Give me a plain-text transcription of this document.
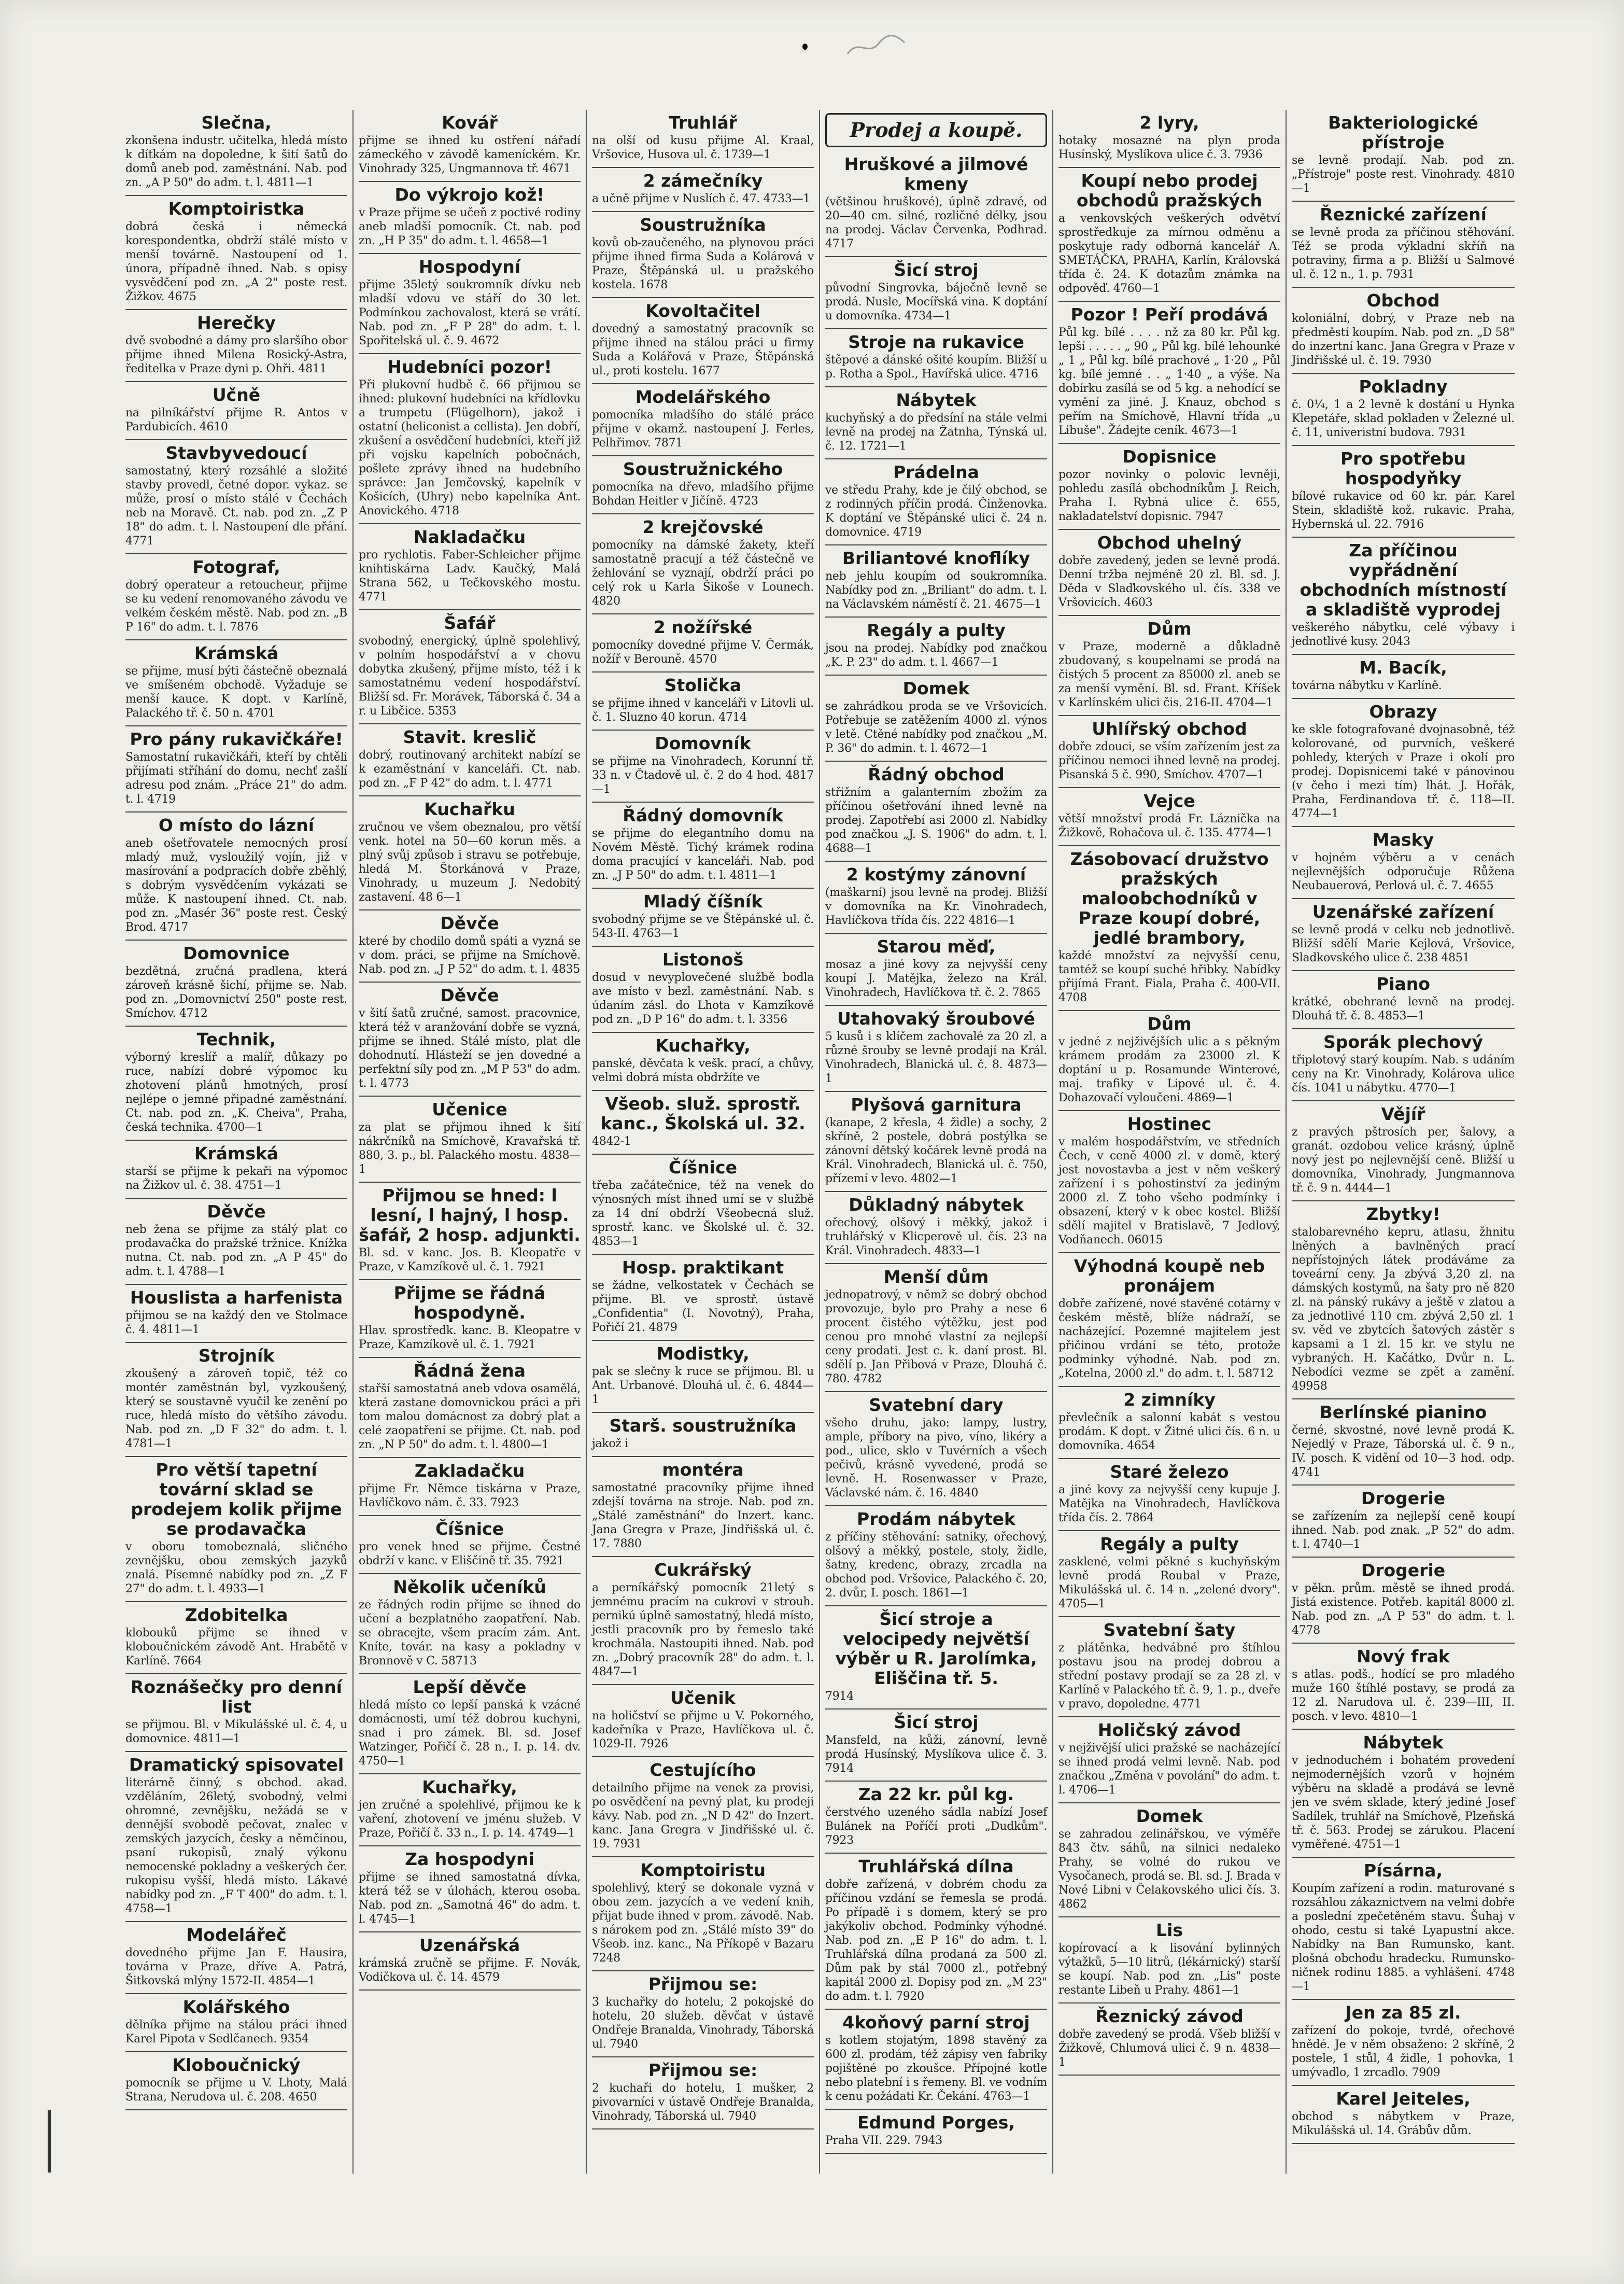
Slečna,

zkonšena industr. učitelka, hledá místo k dítkám na dopoledne, k šití šatů do domů aneb pod. zaměstnání. Nab. pod zn. „A P 50" do adm. t. l. 4811—1

Komptoiristka

dobrá česká i německá korespondentka, obdrží stálé místo v menší továrně. Nastoupení od 1. února, případně ihned. Nab. s opisy vysvědčení pod zn. „A 2" poste rest. Žižkov. 4675

Herečky

dvě svobodné a dámy pro slaršího obor přijme ihned Milena Rosický-Astra, ředitelka v Praze dyni p. Ohři. 4811

Učně

na pilníkářství přijme R. Antos v Pardubicích. 4610

Stavbyvedoucí

samostatný, který rozsáhlé a složité stavby provedl, četné dopor. vykaz. se může, prosí o místo stálé v Čechách neb na Moravě. Ct. nab. pod zn. „Z P 18" do adm. t. l. Nastoupení dle přání. 4771

Fotograf,

dobrý operateur a retoucheur, přijme se ku vedení renomovaného závodu ve velkém českém městě. Nab. pod zn. „B P 16" do adm. t. l. 7876

Krámská

se přijme, musí býti částečně obeznalá ve smíšeném obchodě. Vyžaduje se menší kauce. K dopt. v Karlíně, Palackého tř. č. 50 n. 4701

Pro pány rukavičkáře!

Samostatní rukavičkáři, kteří by chtěli přijímati stříhání do domu, nechť zašlí adresu pod znám. „Práce 21" do adm. t. l. 4719

O místo do lázní

aneb ošetřovatele nemocných prosí mladý muž, vysloužilý vojín, již v masírování a podpracích dobře zběhlý, s dobrým vysvědčením vykázati se může. K nastoupení ihned. Ct. nab. pod zn. „Masér 36" poste rest. Český Brod. 4717

Domovnice

bezdětná, zručná pradlena, která zároveň krásně šichí, přijme se. Nab. pod zn. „Domovnictví 250" poste rest. Smíchov. 4712

Technik,

výborný kreslíř a malíř, důkazy po ruce, nabízí dobré výpomoc ku zhotovení plánů hmotných, prosí nejlépe o jemné připadné zaměstnání. Ct. nab. pod zn. „K. Cheiva", Praha, česká technika. 4700—1

Krámská

starší se přijme k pekaři na výpomoc na Žižkov ul. č. 38. 4751—1

Děvče

neb žena se přijme za stálý plat co prodavačka do pražské tržnice. Knížka nutna. Ct. nab. pod zn. „A P 45" do adm. t. l. 4788—1

Houslista a harfenista

přijmou se na každý den ve Stolmace č. 4. 4811—1

Strojník

zkoušený a zároveň topič, též co montér zaměstnán byl, vyzkoušený, který se soustavně vyučil ke zenění po ruce, hledá místo do většího závodu. Nab. pod zn. „D F 32" do adm. t. l. 4781—1

Pro větší tapetní tovární sklad se prodejem kolik přijme se prodavačka

v oboru tomobeznalá, sličného zevnějšku, obou zemských jazyků znalá. Písemné nabídky pod zn. „Z F 27" do adm. t. l. 4933—1

Zdobitelka

klobouků přijme se ihned v kloboučnickém závodě Ant. Hrabětě v Karlíně. 7664

Roznášečky pro denní list

se přijmou. Bl. v Mikulášské ul. č. 4, u domovnice. 4811—1

Dramatický spisovatel

literárně činný, s obchod. akad. vzděláním, 26letý, svobodný, velmi ohromné, zevnějšku, nežádá se v dennější svobodě pečovat, znalec v zemských jazycích, česky a němčinou, psaní rukopisů, znalý výkonu nemocenské pokladny a veškerých čer. rukopisu vyšší, hledá místo. Lákavé nabídky pod zn. „F T 400" do adm. t. l. 4758—1

Modelářeč

dovedného přijme Jan F. Hausira, továrna v Praze, dříve A. Patrá, Šitkovská mlýny 1572-II. 4854—1

Kolářského

dělníka přijme na stálou práci ihned Karel Pipota v Sedlčanech. 9354

Kloboučnický

pomocník se přijme u V. Lhoty, Malá Strana, Nerudova ul. č. 208. 4650

Kovář

přijme se ihned ku ostření nářadí zámeckého v závodě kameníckém. Kr. Vinohrady 325, Ungmannova tř. 4671

Do výkrojo kož!

v Praze přijme se učeň z poctivé rodiny aneb mladší pomocník. Ct. nab. pod zn. „H P 35" do adm. t. l. 4658—1

Hospodyní

přijme 35letý soukromník dívku neb mladší vdovu ve stáří do 30 let. Podmínkou zachovalost, která se vrátí. Nab. pod zn. „F P 28" do adm. t. l. Spořitelská ul. č. 9. 4672

Hudebníci pozor!

Při plukovní hudbě č. 66 přijmou se ihned: plukovní hudebníci na křídlovku a trumpetu (Flügelhorn), jakož i ostatní (heliconist a cellista). Jen dobří, zkušení a osvědčení hudebníci, kteří již při vojsku kapelních pobočnách, pošlete zprávy ihned na hudebního správce: Jan Jemčovský, kapelník v Košicích, (Uhry) nebo kapelníka Ant. Anovického. 4718

Nakladačku

pro rychlotis. Faber-Schleicher přijme knihtiskárna Ladv. Kaučký, Malá Strana 562, u Tečkovského mostu. 4771

Šafář

svobodný, energický, úplně spolehlivý, v polním hospodářství a v chovu dobytka zkušený, přijme místo, též i k samostatnému vedení hospodářství. Bližší sd. Fr. Morávek, Táborská č. 34 a r. u Libčice. 5353

Stavit. kreslič

dobrý, routinovaný architekt nabízí se k ezaměstnání v kanceláři. Ct. nab. pod zn. „F P 42" do adm. t. l. 4771

Kuchařku

zručnou ve všem obeznalou, pro větší venk. hotel na 50—60 korun měs. a plný svůj způsob i stravu se potřebuje, hledá M. Štorkánová v Praze, Vinohrady, u muzeum J. Nedobitý zastavení. 48 6—1

Děvče

které by chodilo domů spáti a vyzná se v dom. práci, se přijme na Smíchově. Nab. pod zn. „J P 52" do adm. t. l. 4835

Děvče

v šití šatů zručné, samost. pracovnice, která též v aranžování dobře se vyzná, přijme se ihned. Stálé místo, plat dle dohodnutí. Hlásteží se jen dovedné a perfektní síly pod zn. „M P 53" do adm. t. l. 4773

Učenice

za plat se přijmou ihned k šití nákrčníků na Smíchově, Kravařská tř. 880, 3. p., bl. Palackého mostu. 4838—1

Přijmou se hned: l lesní, l hajný, l hosp. šafář, 2 hosp. adjunkti.

Bl. sd. v kanc. Jos. B. Kleopatře v Praze, v Kamzíkově ul. č. 1. 7921

Přijme se řádná hospodyně.

Hlav. sprostředk. kanc. B. Kleopatre v Praze, Kamzíkově ul. č. 1. 7921

Řádná žena

stařší samostatná aneb vdova osamělá, která zastane domovnickou práci a při tom malou domácnost za dobrý plat a celé zaopatření se přijme. Ct. nab. pod zn. „N P 50" do adm. t. l. 4800—1

Zakladačku

přijme Fr. Němce tiskárna v Praze, Havlíčkovo nám. č. 33. 7923

Číšnice

pro venek hned se přijme. Čestné obdrží v kanc. v Eliščině tř. 35. 7921

Několik učeníků

ze řádných rodin přijme se ihned do učení a bezplatného zaopatření. Nab. se obracejte, všem pracím zám. Ant. Kníte, továr. na kasy a pokladny v Bronnově v C. 58713

Lepší děvče

hledá místo co lepší panská k vzácné domácnosti, umí též dobrou kuchyni, snad i pro zámek. Bl. sd. Josef Watzinger, Pořičí č. 28 n., I. p. 14. dv. 4750—1

Kuchařky,

jen zručné a spolehlivé, přijmou ke k vaření, zhotovení ve jménu služeb. V Praze, Pořičí č. 33 n., I. p. 14. 4749—1

Za hospodyni

přijme se ihned samostatná dívka, která též se v úlohách, kterou osoba. Nab. pod zn. „Samotná 46" do adm. t. l. 4745—1

Uzenářská

krámská zručně se přijme. F. Novák, Vodičkova ul. č. 14. 4579

Truhlář

na olší od kusu přijme Al. Kraal, Vršovice, Husova ul. č. 1739—1

2 zámečníky

a učně přijme v Nuslích č. 47. 4733—1

Soustružníka

kovů ob-zaučeného, na plynovou práci přijme ihned firma Suda a Kolárová v Praze, Štěpánská ul. u pražského kostela. 1678

Kovoltačitel

dovedný a samostatný pracovník se přijme ihned na stálou práci u firmy Suda a Kolářová v Praze, Štěpánská ul., proti kostelu. 1677

Modelářského

pomocníka mladšího do stálé práce přijme v okamž. nastoupení J. Ferles, Pelhřimov. 7871

Soustružnického

pomocníka na dřevo, mladšího přijme Bohdan Heitler v Jičíně. 4723

2 krejčovské

pomocníky na dámské žakety, kteří samostatně pracují a též částečně ve žehlování se vyznají, obdrží práci po celý rok u Karla Šikoše v Lounech. 4820

2 nožířské

pomocníky dovedné přijme V. Čermák, nožíř v Berouně. 4570

Stolička

se přijme ihned v kanceláři v Litovli ul. č. 1. Sluzno 40 korun. 4714

Domovník

se přijme na Vinohradech, Korunní tř. 33 n. v Čtadově ul. č. 2 do 4 hod. 4817—1

Řádný domovník

se přijme do elegantního domu na Novém Městě. Tichý krámek rodina doma pracující v kanceláři. Nab. pod zn. „J P 50" do adm. t. l. 4811—1

Mladý číšník

svobodný přijme se ve Štěpánské ul. č. 543-II. 4763—1

Listonoš

dosud v nevyplovečené službě bodla ave místo v bezl. zaměstnání. Nab. s údaním zásl. do Lhota v Kamzíkově pod zn. „D P 16" do adm. t. l. 3356

Kuchařky,

panské, děvčata k vešk. prací, a chůvy, velmi dobrá místa obdržíte ve

Všeob. služ. sprostř. kanc., Školská ul. 32.

4842-1

Číšnice

třeba začátečnice, též na venek do výnosných míst ihned umí se v službě za 14 dní obdrží Všeobecná služ. sprostř. kanc. ve Školské ul. č. 32. 4853—1

Hosp. praktikant

se žádne, velkostatek v Čechách se přijme. Bl. ve sprostř. ústavě „Confidentia" (I. Novotný), Praha, Pořičí 21. 4879

Modistky,

pak se slečny k ruce se přijmou. Bl. u Ant. Urbanové. Dlouhá ul. č. 6. 4844—1

Starš. soustružníka

jakož i

montéra

samostatné pracovníky přijme ihned zdejší továrna na stroje. Nab. pod zn. „Stálé zaměstnání" do Inzert. kanc. Jana Gregra v Praze, Jindřišská ul. č. 17. 7880

Cukrářský

a perníkářský pomocník 21letý s jemnému pracím na cukrovi v strouh. pernikú úplně samostatný, hledá místo, jestli pracovník pro by řemeslo také krochmála. Nastoupiti ihned. Nab. pod zn. „Dobrý pracovník 28" do adm. t. l. 4847—1

Učenik

na holičství se přijme u V. Pokorného, kadeřníka v Praze, Havlíčkova ul. č. 1029-II. 7926

Cestujícího

detailního přijme na venek za provisi, po osvědčení na pevný plat, ku prodeji kávy. Nab. pod zn. „N D 42" do Inzert. kanc. Jana Gregra v Jindřišské ul. č. 19. 7931

Komptoiristu

spolehlivý, který se dokonale vyzná v obou zem. jazycích a ve vedení knih, přijat bude ihned v prom. závodě. Nab. s nárokem pod zn. „Stálé místo 39" do Všeob. inz. kanc., Na Příkopě v Bazaru 7248

Přijmou se:

3 kuchařky do hotelu, 2 pokojské do hotelu, 20 služeb. děvčat v ústavě Ondřeje Branalda, Vinohrady, Táborská ul. 7940

Přijmou se:

2 kuchaři do hotelu, 1 mušker, 2 pivovarníci v ústavě Ondřeje Branalda, Vinohrady, Táborská ul. 7940

Prodej a koupě.
Hruškové a jilmové kmeny

(většinou hruškové), úplně zdravé, od 20—40 cm. silné, rozličné délky, jsou na prodej. Václav Červenka, Podhrad. 4717

Šicí stroj

původní Singrovka, báječně levně se prodá. Nusle, Mocířská vina. K doptání u domovníka. 4734—1

Stroje na rukavice

štěpové a dánské ošité koupím. Bližší u p. Rotha a Spol., Havířská ulice. 4716

Nábytek

kuchyňský a do předsíní na stále velmi levně na prodej na Žatnha, Týnská ul. č. 12. 1721—1

Prádelna

ve středu Prahy, kde je čilý obchod, se z rodinných příčin prodá. Činženovka. K doptání ve Štěpánské ulici č. 24 n. domovnice. 4719

Briliantové knoflíky

neb jehlu koupím od soukromníka. Nabídky pod zn. „Briliant" do adm. t. l. na Václavském náměstí č. 21. 4675—1

Regály a pulty

jsou na prodej. Nabídky pod značkou „K. P. 23" do adm. t. l. 4667—1

Domek

se zahrádkou proda se ve Vršovicích. Potřebuje se zatěžením 4000 zl. výnos v letě. Ctěné nabídky pod značkou „M. P. 36" do admin. t. l. 4672—1

Řádný obchod

střižním a galanterním zbožím za příčinou ošetřování ihned levně na prodej. Zapotřebí asi 2000 zl. Nabídky pod značkou „J. S. 1906" do adm. t. l. 4688—1

2 kostýmy zánovní

(maškarní) jsou levně na prodej. Bližší v domovníka na Kr. Vinohradech, Havlíčkova třída čís. 222 4816—1

Starou měď,

mosaz a jiné kovy za nejvyšší ceny koupí J. Matějka, železo na Král. Vinohradech, Havlíčkova tř. č. 2. 7865

Utahovaký šroubové

5 kusů i s klíčem zachovalé za 20 zl. a různé šrouby se levně prodají na Král. Vinohradech, Blanická ul. č. 8. 4873—1

Plyšová garnitura

(kanape, 2 křesla, 4 židle) a sochy, 2 skříně, 2 postele, dobrá postýlka se zánovní dětský kočárek levně prodá na Král. Vinohradech, Blanická ul. č. 750, přízemí v levo. 4802—1

Důkladný nábytek

ořechový, olšový i měkký, jakož i truhlářský v Klicperově ul. čís. 23 na Král. Vinohradech. 4833—1

Menší dům

jednopatrový, v němž se dobrý obchod provozuje, bylo pro Prahy a nese 6 procent čistého výtěžku, jest pod cenou pro mnohé vlastní za nejlepší ceny prodati. Jest c. k. daní prost. Bl. sdělí p. Jan Přibová v Praze, Dlouhá č. 780. 4782

Svatební dary

všeho druhu, jako: lampy, lustry, ample, příbory na pivo, víno, likéry a pod., ulice, sklo v Tuvérních a všech pečivů, krásně vyvedené, prodá se levně. H. Rosenwasser v Praze, Václavské nám. č. 16. 4840

Prodám nábytek

z příčiny stěhování: satniky, ořechový, olšový a měkký, postele, stoly, židle, šatny, kredenc, obrazy, zrcadla na obchod pod. Vršovice, Palackého č. 20, 2. dvůr, I. posch. 1861—1

Šicí stroje a velocipedy největší výběr u R. Jarolímka, Eliščina tř. 5.

7914

Šicí stroj

Mansfeld, na kůži, zánovní, levně prodá Husínský, Myslíkova ulice č. 3. 7914

Za 22 kr. půl kg.

čerstvého uzeného sádla nabízí Josef Bulánek na Poříčí proti „Dudkům". 7923

Truhlářská dílna

dobře zařízená, v dobrém chodu za příčinou vzdání se řemesla se prodá. Po případě i s domem, který se pro jakýkoliv obchod. Podmínky výhodné. Nab. pod zn. „E P 16" do adm. t. l. Truhlářská dílna prodaná za 500 zl. Dům pak by stál 7000 zl., potřebný kapitál 2000 zl. Dopisy pod zn. „M 23" do adm. t. l. 7920

4koňový parní stroj

s kotlem stojatým, 1898 stavěný za 600 zl. prodám, též zápisy ven fabriky pojištěné po zkoušce. Přípojné kotle nebo platební i s řemeny. Bl. ve vodním k cenu požádati Kr. Čekání. 4763—1

Edmund Porges,

Praha VII. 229. 7943

2 lyry,

hotaky mosazné na plyn proda Husínský, Myslíkova ulice č. 3. 7936

Koupí nebo prodej obchodů pražských

a venkovských veškerých odvětví sprostředkuje za mírnou odměnu a poskytuje rady odborná kancelář A. SMETÁČKA, PRAHA, Karlín, Královská třída č. 24. K dotazům známka na odpověď. 4760—1

Pozor ! Peří prodává

Půl kg. bílé . . . . nž za 80 kr. Půl kg. lepší . . . . . „ 90 „ Půl kg. bílé lehounké „ 1 „ Půl kg. bílé prachové „ 1·20 „ Půl kg. bílé jemné . . „ 1·40 „ a výše. Na dobírku zasílá se od 5 kg. a nehodící se vymění za jiné. J. Knauz, obchod s peřím na Smíchově, Hlavní třída „u Libuše". Žádejte ceník. 4673—1

Dopisnice

pozor novinky o polovic levněji, pohledu zasílá obchodníkům J. Reich, Praha I. Rybná ulice č. 655, nakladatelství dopisnic. 7947

Obchod uhelný

dobře zavedený, jeden se levně prodá. Denní tržba nejméně 20 zl. Bl. sd. J. Děda v Slaďkovského ul. čís. 338 ve Vršovicích. 4603

Dům

v Praze, moderně a důkladně zbudovaný, s koupelnami se prodá na čistých 5 procent za 85000 zl. aneb se za menší vymění. Bl. sd. Frant. Kříšek v Karlínském ulici čis. 216-II. 4704—1

Uhlířský obchod

dobře zdouci, se vším zařízením jest za příčinou nemoci ihned levně na prodej. Pisanská 5 č. 990, Smíchov. 4707—1

Vejce

větší množství prodá Fr. Láznička na Žižkově, Rohačova ul. č. 135. 4774—1

Zásobovací družstvo pražských maloobchodníků v Praze koupí dobré, jedlé brambory,

každé množství za nejvyšší cenu, tamtéž se koupí suché hřibky. Nabídky přijímá Frant. Fiala, Praha č. 400-VII. 4708

Dům

v jedné z nejživějších ulic a s pěkným krámem prodám za 23000 zl. K doptání u p. Rosamunde Winterové, maj. trafiky v Lipové ul. č. 4. Dohazovačí vyloučeni. 4869—1

Hostinec

v malém hospodářstvím, ve středních Čech, v ceně 4000 zl. v domě, který jest novostavba a jest v něm veškerý zařízení i s pohostinství za jediným 2000 zl. Z toho všeho podmínky i obsazení, který v k obec kostel. Bližší sdělí majitel v Bratislavě, 7 Jedlový, Vodňanech. 06015

Výhodná koupě neb pronájem

dobře zařízené, nové stavěné cotárny v českém městě, blíže nádraží, se nacházející. Pozemné majitelem jest přičinou vrdání se této, protože podminky výhodné. Nab. pod zn. „Kotelna, 2000 zl." do adm. t. l. 58712

2 zimníky

převlečník a salonní kabát s vestou prodám. K dopt. v Žitné ulici čís. 6 n. u domovníka. 4654

Staré železo

a jiné kovy za nejvyšší ceny kupuje J. Matějka na Vinohradech, Havlíčkova třída čís. 2. 7864

Regály a pulty

zasklené, velmi pěkné s kuchyňským levně prodá Roubal v Praze, Mikulášská ul. č. 14 n. „zelené dvory". 4705—1

Svatební šaty

z plátěnka, hedvábné pro štíhlou postavu jsou na prodej dobrou a střední postavy prodají se za 28 zl. v Karlíně v Palackého tř. č. 9, 1. p., dveře v pravo, dopoledne. 4771

Holičský závod

v nejživější ulici pražské se nacházející se ihned prodá velmi levně. Nab. pod značkou „Změna v povolání" do adm. t. l. 4706—1

Domek

se zahradou zelinářskou, ve výměře 843 čtv. sáhů, na silnici nedaleko Prahy, se volné do rukou ve Vysočanech, prodá se. Bl. sd. J. Brada v Nové Libni v Čelakovského ulici čís. 3. 4862

Lis

kopírovací a k lisování bylinných výtažků, 5—10 litrů, (lékárnický) starší se koupí. Nab. pod zn. „Lis" poste restante Libeň u Prahy. 4861—1

Řeznický závod

dobře zavedený se prodá. Všeb bližší v Žižkově, Chlumová ulici č. 9 n. 4838—1

Bakteriologické přístroje

se levně prodají. Nab. pod zn. „Přístroje" poste rest. Vinohrady. 4810—1

Řeznické zařízení

se levně proda za příčinou stěhování. Též se proda výkladní skříň na potraviny, firma a p. Bližší u Salmové ul. č. 12 n., 1. p. 7931

Obchod

koloniální, dobrý, v Praze neb na předměstí koupím. Nab. pod zn. „D 58" do inzertní kanc. Jana Gregra v Praze v Jindřišské ul. č. 19. 7930

Pokladny

č. 0¼, 1 a 2 levně k dostání u Hynka Klepetáře, sklad pokladen v Železné ul. č. 11, univeristní budova. 7931

Pro spotřebu hospodyňky

bílové rukavice od 60 kr. pár. Karel Stein, skladiště kož. rukavic. Praha, Hybernská ul. 22. 7916

Za příčinou vypřádnění obchodních místností a skladiště vyprodej

veškerého nábytku, celé výbavy i jednotlivé kusy. 2043

M. Bacík,

továrna nábytku v Karlíně.

Obrazy

ke skle fotografované dvojnasobně, též kolorované, od purvních, veškeré pohledy, kterých v Praze i okolí pro prodej. Dopisnicemi také v pánovinou (v čeho i mezi tím) lhát. J. Hořák, Praha, Ferdinandova tř. č. 118—II. 4774—1

Masky

v hojném výběru a v cenách nejlevnějších odporučuje Růžena Neubauerová, Perlová ul. č. 7. 4655

Uzenářské zařízení

se levně prodá v celku neb jednotlivě. Bližší sdělí Marie Kejlová, Vršovice, Sladkovského ulice č. 238 4851

Piano

krátké, obehrané levně na prodej. Dlouhá tř. č. 8. 4853—1

Sporák plechový

třiplotový starý koupím. Nab. s udáním ceny na Kr. Vinohrady, Kolárova ulice čís. 1041 u nábytku. 4770—1

Vějíř

z pravých pštrosích per, šalovy, a granát. ozdobou velice krásný, úplně nový jest po nejlevnější ceně. Bližší u domovníka, Vinohrady, Jungmannova tř. č. 9 n. 4444—1

Zbytky!

stalobarevného kepru, atlasu, žhnitu lněných a bavlněných prací nepřístojných látek prodáváme za toveární ceny. Ja zbývá 3,20 zl. na dámských kostymů, na šaty pro ně 820 zl. na pánský rukávy a ještě v zlatou a za jednotlivé 110 cm. zbývá 2,50 zl. 1 sv. věd ve zbytcích šatových zástěr s kapsami a 1 zl. 15 kr. ve stylu ne vybraných. H. Kačátko, Dvůr n. L. Nebodíci vezme se zpět a zamění. 49958

Berlínské pianino

černé, skvostné, nové levně prodá K. Nejedlý v Praze, Táborská ul. č. 9 n., IV. posch. K vidění od 10—3 hod. odp. 4741

Drogerie

se zařízením za nejlepší ceně koupí ihned. Nab. pod znak. „P 52" do adm. t. l. 4740—1

Drogerie

v pěkn. prům. městě se ihned prodá. Jistá existence. Potřeb. kapitál 8000 zl. Nab. pod zn. „A P 53" do adm. t. l. 4778

Nový frak

s atlas. podš., hodící se pro mladého muže 160 štíhlé postavy, se prodá za 12 zl. Narudova ul. č. 239—III, II. posch. v levo. 4810—1

Nábytek

v jednoduchém i bohatém provedení nejmodernějších vzorů v hojném výběru na skladě a prodává se levně jen ve svém sklade, který jediné Josef Sadílek, truhlář na Smíchově, Plzeňská tř. č. 563. Prodej se zárukou. Placení vyměřené. 4751—1

Písárna,

Koupím zařízení a rodin. maturované s rozsáhlou zákaznictvem na velmi dobře a poslední zpečetěném stavu. Šuhaj v ohodo, cestu si také Lyapustní akce. Nabídky na Ban Rumunsko, kant. plošná obchodu hradecku. Rumunsko-ničnek rodinu 1885. a vyhlášení. 4748—1

Jen za 85 zl.

zařízení do pokoje, tvrdé, ořechové hnědé. Je v něm obsaženo: 2 skříně, 2 postele, 1 stůl, 4 židle, 1 pohovka, 1 umývadlo, 1 zrcadlo. 7909

Karel Jeiteles,

obchod s nábytkem v Praze, Mikulášská ul. 14. Grábův dům.
